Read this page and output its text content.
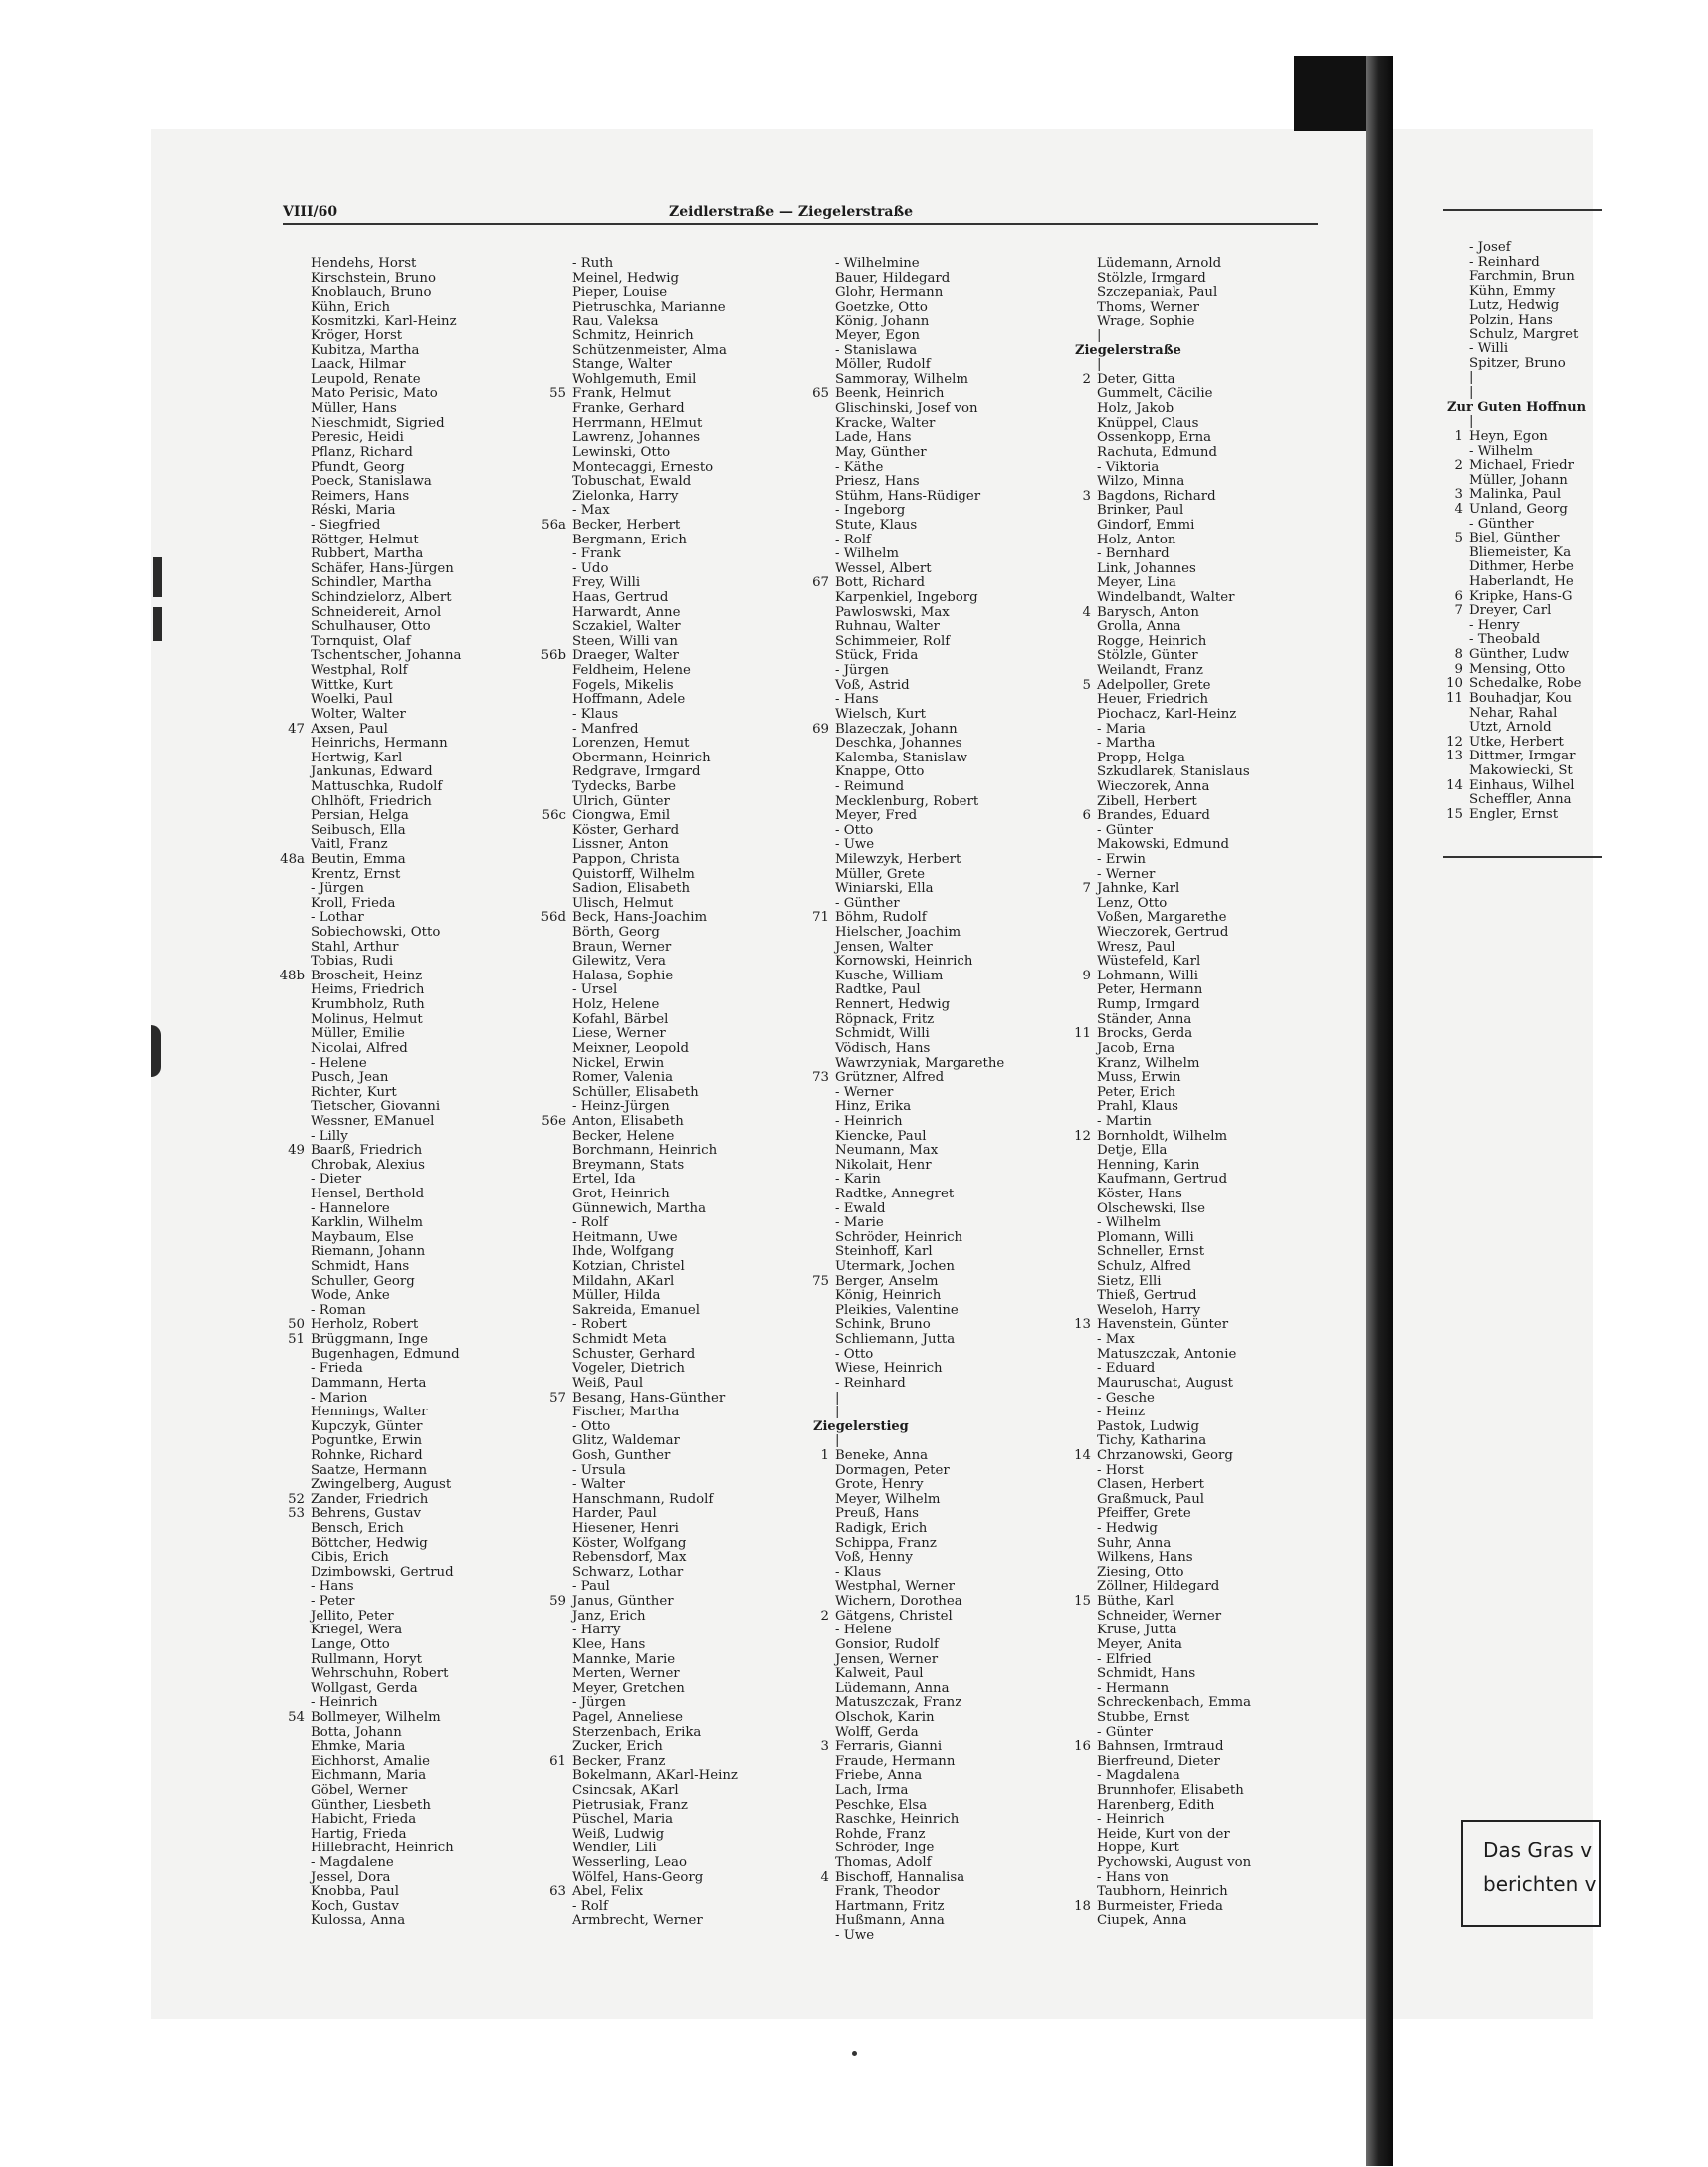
VIII/60	Zeidlerstraße — Ziegelerstraße
Hendehs, Horst
Kirschstein, Bruno
Knoblauch, Bruno
Kühn, Erich
Kosmitzki, Karl-Heinz
Kröger, Horst
Kubitza, Martha
Laack, Hilmar
Leupold, Renate
Mato Perisic, Mato
Müller, Hans
Nieschmidt, Sigried
Peresic, Heidi
Pflanz, Richard
Pfundt, Georg
Poeck, Stanislawa
Reimers, Hans
Réski, Maria
- Siegfried
Röttger, Helmut
Rubbert, Martha
Schäfer, Hans-Jürgen
Schindler, Martha
Schindzielorz, Albert
Schneidereit, Arnol
Schulhauser, Otto
Tornquist, Olaf
Tschentscher, Johanna
Westphal, Rolf
Wittke, Kurt
Woelki, Paul
Wolter, Walter
47 Axsen, Paul
Heinrichs, Hermann
Hertwig, Karl
Jankunas, Edward
Mattuschka, Rudolf
Ohlhöft, Friedrich
Persian, Helga
Seibusch, Ella
Vaitl, Franz
48a Beutin, Emma
Krentz, Ernst
- Jürgen
Kroll, Frieda
- Lothar
Sobiechowski, Otto
Stahl, Arthur
Tobias, Rudi
48b Broscheit, Heinz
Heims, Friedrich
Krumbholz, Ruth
Molinus, Helmut
Müller, Emilie
Nicolai, Alfred
- Helene
Pusch, Jean
Richter, Kurt
Tietscher, Giovanni
Wessner, EManuel
- Lilly
49 Baarß, Friedrich
Chrobak, Alexius
- Dieter
Hensel, Berthold
- Hannelore
Karklin, Wilhelm
Maybaum, Else
Riemann, Johann
Schmidt, Hans
Schuller, Georg
Wode, Anke
- Roman
50 Herholz, Robert
51 Brüggmann, Inge
Bugenhagen, Edmund
- Frieda
Dammann, Herta
- Marion
Hennings, Walter
Kupczyk, Günter
Poguntke, Erwin
Rohnke, Richard
Saatze, Hermann
Zwingelberg, August
52 Zander, Friedrich
53 Behrens, Gustav
Bensch, Erich
Böttcher, Hedwig
Cibis, Erich
Dzimbowski, Gertrud
- Hans
- Peter
Jellito, Peter
Kriegel, Wera
Lange, Otto
Rullmann, Horyt
Wehrschuhn, Robert
Wollgast, Gerda
- Heinrich
54 Bollmeyer, Wilhelm
Botta, Johann
Ehmke, Maria
Eichhorst, Amalie
Eichmann, Maria
Göbel, Werner
Günther, Liesbeth
Habicht, Frieda
Hartig, Frieda
Hillebracht, Heinrich
- Magdalene
Jessel, Dora
Knobba, Paul
Koch, Gustav
Kulossa, Anna
- Ruth
Meinel, Hedwig
Pieper, Louise
Pietruschka, Marianne
Rau, Valeksa
Schmitz, Heinrich
Schützenmeister, Alma
Stange, Walter
Wohlgemuth, Emil
55 Frank, Helmut
Franke, Gerhard
Herrmann, HElmut
Lawrenz, Johannes
Lewinski, Otto
Montecaggi, Ernesto
Tobuschat, Ewald
Zielonka, Harry
- Max
56a Becker, Herbert
Bergmann, Erich
- Frank
- Udo
Frey, Willi
Haas, Gertrud
Harwardt, Anne
Sczakiel, Walter
Steen, Willi van
56b Draeger, Walter
Feldheim, Helene
Fogels, Mikelis
Hoffmann, Adele
- Klaus
- Manfred
Lorenzen, Hemut
Obermann, Heinrich
Redgrave, Irmgard
Tydecks, Barbe
Ulrich, Günter
56c Ciongwa, Emil
Köster, Gerhard
Lissner, Anton
Pappon, Christa
Quistorff, Wilhelm
Sadion, Elisabeth
Ulisch, Helmut
56d Beck, Hans-Joachim
Börth, Georg
Braun, Werner
Gilewitz, Vera
Halasa, Sophie
- Ursel
Holz, Helene
Kofahl, Bärbel
Liese, Werner
Meixner, Leopold
Nickel, Erwin
Romer, Valenia
Schüller, Elisabeth
- Heinz-Jürgen
56e Anton, Elisabeth
Becker, Helene
Borchmann, Heinrich
Breymann, Stats
Ertel, Ida
Grot, Heinrich
Günnewich, Martha
- Rolf
Heitmann, Uwe
Ihde, Wolfgang
Kotzian, Christel
Mildahn, AKarl
Müller, Hilda
Sakreida, Emanuel
- Robert
Schmidt Meta
Schuster, Gerhard
Vogeler, Dietrich
Weiß, Paul
57 Besang, Hans-Günther
Fischer, Martha
- Otto
Glitz, Waldemar
Gosh, Gunther
- Ursula
- Walter
Hanschmann, Rudolf
Harder, Paul
Hiesener, Henri
Köster, Wolfgang
Rebensdorf, Max
Schwarz, Lothar
- Paul
59 Janus, Günther
Janz, Erich
- Harry
Klee, Hans
Mannke, Marie
Merten, Werner
Meyer, Gretchen
- Jürgen
Pagel, Anneliese
Sterzenbach, Erika
Zucker, Erich
61 Becker, Franz
Bokelmann, AKarl-Heinz
Csincsak, AKarl
Pietrusiak, Franz
Püschel, Maria
Weiß, Ludwig
Wendler, Lili
Wesserling, Leao
Wölfel, Hans-Georg
63 Abel, Felix
- Rolf
Armbrecht, Werner
- Wilhelmine
Bauer, Hildegard
Glohr, Hermann
Goetzke, Otto
König, Johann
Meyer, Egon
- Stanislawa
Möller, Rudolf
Sammoray, Wilhelm
65 Beenk, Heinrich
Glischinski, Josef von
Kracke, Walter
Lade, Hans
May, Günther
- Käthe
Priesz, Hans
Stühm, Hans-Rüdiger
- Ingeborg
Stute, Klaus
- Rolf
- Wilhelm
Wessel, Albert
67 Bott, Richard
Karpenkiel, Ingeborg
Pawloswski, Max
Ruhnau, Walter
Schimmeier, Rolf
Stück, Frida
- Jürgen
Voß, Astrid
- Hans
Wielsch, Kurt
69 Blazeczak, Johann
Deschka, Johannes
Kalemba, Stanislaw
Knappe, Otto
- Reimund
Mecklenburg, Robert
Meyer, Fred
- Otto
- Uwe
Milewzyk, Herbert
Müller, Grete
Winiarski, Ella
- Günther
71 Böhm, Rudolf
Hielscher, Joachim
Jensen, Walter
Kornowski, Heinrich
Kusche, William
Radtke, Paul
Rennert, Hedwig
Röpnack, Fritz
Schmidt, Willi
Vödisch, Hans
Wawrzyniak, Margarethe
73 Grützner, Alfred
- Werner
Hinz, Erika
- Heinrich
Kiencke, Paul
Neumann, Max
Nikolait, Henr
- Karin
Radtke, Annegret
- Ewald
- Marie
Schröder, Heinrich
Steinhoff, Karl
Utermark, Jochen
75 Berger, Anselm
König, Heinrich
Pleikies, Valentine
Schink, Bruno
Schliemann, Jutta
- Otto
Wiese, Heinrich
- Reinhard
|
|
Ziegelerstieg
|
1 Beneke, Anna
Dormagen, Peter
Grote, Henry
Meyer, Wilhelm
Preuß, Hans
Radigk, Erich
Schippa, Franz
Voß, Henny
- Klaus
Westphal, Werner
Wichern, Dorothea
2 Gätgens, Christel
- Helene
Gonsior, Rudolf
Jensen, Werner
Kalweit, Paul
Lüdemann, Anna
Matuszczak, Franz
Olschok, Karin
Wolff, Gerda
3 Ferraris, Gianni
Fraude, Hermann
Friebe, Anna
Lach, Irma
Peschke, Elsa
Raschke, Heinrich
Rohde, Franz
Schröder, Inge
Thomas, Adolf
4 Bischoff, Hannalisa
Frank, Theodor
Hartmann, Fritz
Hußmann, Anna
- Uwe
Lüdemann, Arnold
Stölzle, Irmgard
Szczepaniak, Paul
Thoms, Werner
Wrage, Sophie
|
Ziegelerstraße
|
2 Deter, Gitta
Gummelt, Cäcilie
Holz, Jakob
Knüppel, Claus
Ossenkopp, Erna
Rachuta, Edmund
- Viktoria
Wilzo, Minna
3 Bagdons, Richard
Brinker, Paul
Gindorf, Emmi
Holz, Anton
- Bernhard
Link, Johannes
Meyer, Lina
Windelbandt, Walter
4 Barysch, Anton
Grolla, Anna
Rogge, Heinrich
Stölzle, Günter
Weilandt, Franz
5 Adelpoller, Grete
Heuer, Friedrich
Piochacz, Karl-Heinz
- Maria
- Martha
Propp, Helga
Szkudlarek, Stanislaus
Wieczorek, Anna
Zibell, Herbert
6 Brandes, Eduard
- Günter
Makowski, Edmund
- Erwin
- Werner
7 Jahnke, Karl
Lenz, Otto
Voßen, Margarethe
Wieczorek, Gertrud
Wresz, Paul
Wüstefeld, Karl
9 Lohmann, Willi
Peter, Hermann
Rump, Irmgard
Ständer, Anna
11 Brocks, Gerda
Jacob, Erna
Kranz, Wilhelm
Muss, Erwin
Peter, Erich
Prahl, Klaus
- Martin
12 Bornholdt, Wilhelm
Detje, Ella
Henning, Karin
Kaufmann, Gertrud
Köster, Hans
Olschewski, Ilse
- Wilhelm
Plomann, Willi
Schneller, Ernst
Schulz, Alfred
Sietz, Elli
Thieß, Gertrud
Weseloh, Harry
13 Havenstein, Günter
- Max
Matuszczak, Antonie
- Eduard
Mauruschat, August
- Gesche
- Heinz
Pastok, Ludwig
Tichy, Katharina
14 Chrzanowski, Georg
- Horst
Clasen, Herbert
Graßmuck, Paul
Pfeiffer, Grete
- Hedwig
Suhr, Anna
Wilkens, Hans
Ziesing, Otto
Zöllner, Hildegard
15 Büthe, Karl
Schneider, Werner
Kruse, Jutta
Meyer, Anita
- Elfried
Schmidt, Hans
- Hermann
Schreckenbach, Emma
Stubbe, Ernst
- Günter
16 Bahnsen, Irmtraud
Bierfreund, Dieter
- Magdalena
Brunnhofer, Elisabeth
Harenberg, Edith
- Heinrich
Heide, Kurt von der
Hoppe, Kurt
Pychowski, August von
- Hans von
Taubhorn, Heinrich
18 Burmeister, Frieda
Ciupek, Anna
- Josef
- Reinhard
Farchmin, Brun
Kühn, Emmy
Lutz, Hedwig
Polzin, Hans
Schulz, Margret
- Willi
Spitzer, Bruno
|
|
Zur Guten Hoffnun
|
1 Heyn, Egon
- Wilhelm
2 Michael, Friedr
Müller, Johann
3 Malinka, Paul
4 Unland, Georg
- Günther
5 Biel, Günther
Bliemeister, Ka
Dithmer, Herbe
Haberlandt, He
6 Kripke, Hans-G
7 Dreyer, Carl
- Henry
- Theobald
8 Günther, Ludw
9 Mensing, Otto
10 Schedalke, Robe
11 Bouhadjar, Kou
Nehar, Rahal
Utzt, Arnold
12 Utke, Herbert
13 Dittmer, Irmgar
Makowiecki, St
14 Einhaus, Wilhel
Scheffler, Anna
15 Engler, Ernst
Das Gras v
berichten v
